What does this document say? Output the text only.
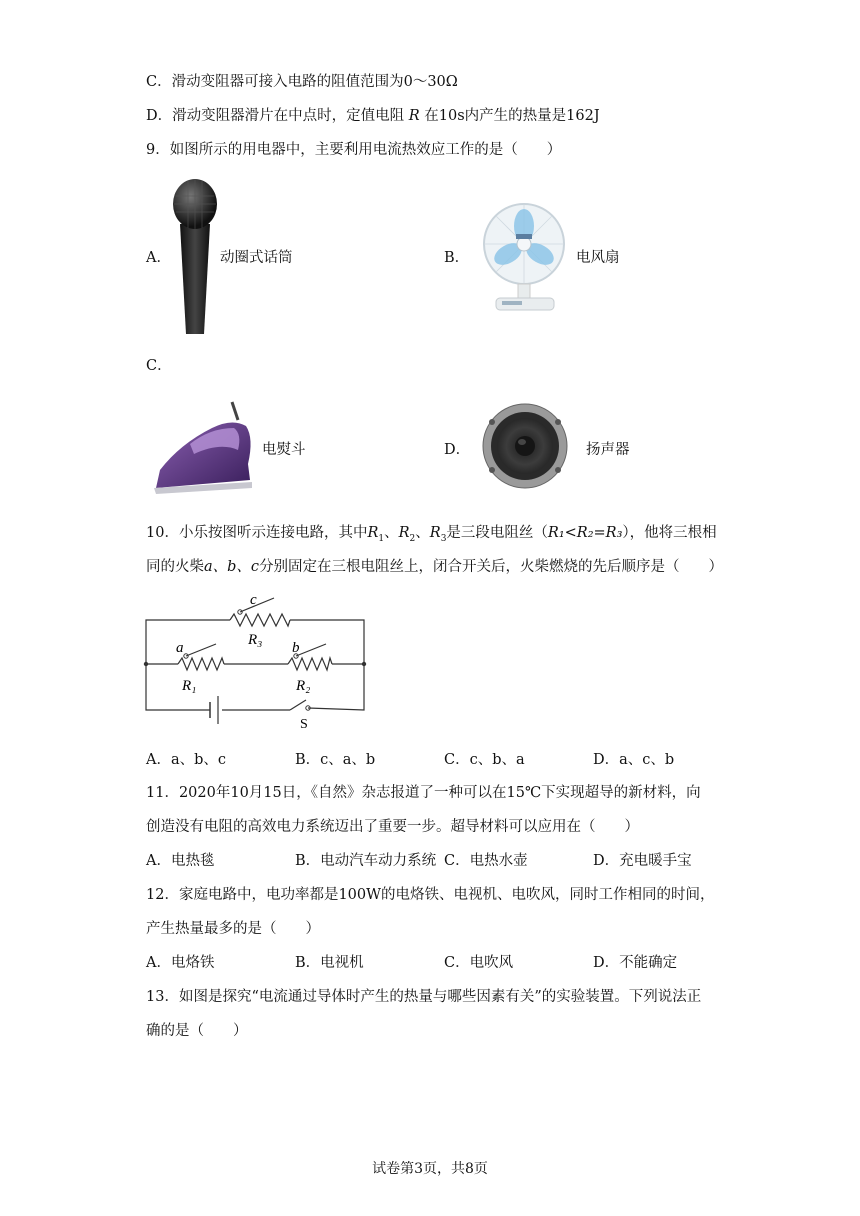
C．滑动变阻器可接入电路的阻值范围为0～30Ω
D．滑动变阻器滑片在中点时，定值电阻 R 在10s内产生的热量是162J
9．如图所示的用电器中，主要利用电流热效应工作的是（　　）
A．	动圈式话筒	B．	电风扇
C．
电熨斗	D．	扬声器
10．小乐按图听示连接电路，其中$R_1$、$R_2$、$R_3$是三段电阻丝（R₁<R₂=R₃），他将三根相
同的火柴a、b、c分别固定在三根电阻丝上，闭合开关后，火柴燃烧的先后顺序是（　　）
c
R₃
a
R₁
b
R₂
S
A．a、b、c	B．c、a、b	C．c、b、a	D．a、c、b
11．2020年10月15日，《自然》杂志报道了一种可以在15℃下实现超导的新材料，向
创造没有电阻的高效电力系统迈出了重要一步。超导材料可以应用在（　　）
A．电热毯	B．电动汽车动力系统 C．电热水壶	D．充电暖手宝
12．家庭电路中，电功率都是100W的电烙铁、电视机、电吹风，同时工作相同的时间，
产生热量最多的是（　　）
A．电烙铁	B．电视机	C．电吹风	D．不能确定
13．如图是探究“电流通过导体时产生的热量与哪些因素有关”的实验装置。下列说法正
确的是（　　）
试卷第3页，共8页
